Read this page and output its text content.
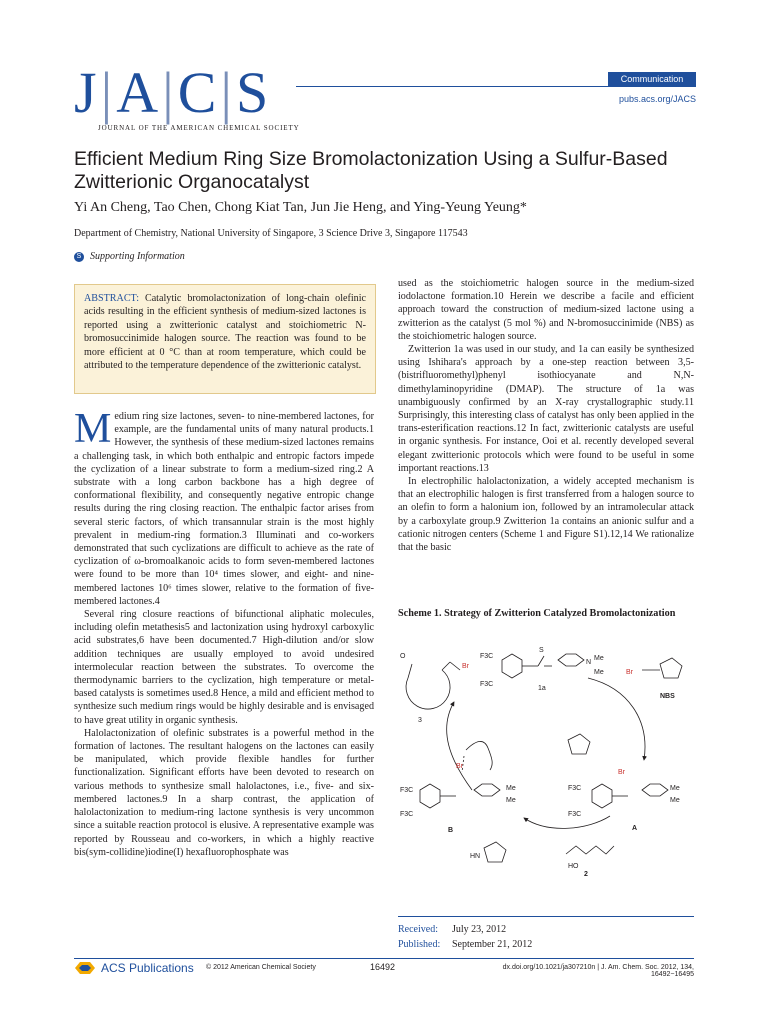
J|A|C|S
JOURNAL OF THE AMERICAN CHEMICAL SOCIETY
Communication
pubs.acs.org/JACS
Efficient Medium Ring Size Bromolactonization Using a Sulfur-Based Zwitterionic Organocatalyst
Yi An Cheng, Tao Chen, Chong Kiat Tan, Jun Jie Heng, and Ying-Yeung Yeung*
Department of Chemistry, National University of Singapore, 3 Science Drive 3, Singapore 117543
S Supporting Information
ABSTRACT: Catalytic bromolactonization of long-chain olefinic acids resulting in the efficient synthesis of medium-sized lactones is reported using a zwitterionic catalyst and stoichiometric N-bromosuccinimide halogen source. The reaction was found to be more efficient at 0 °C than at room temperature, which could be attributed to the temperature dependence of the zwitterionic catalyst.

Medium ring size lactones, seven- to nine-membered lactones, for example, are the fundamental units of many natural products.1 However, the synthesis of these medium-sized lactones remains a challenging task, in which both enthalpic and entropic factors impede the cyclization of a linear substrate to form a medium-sized ring.2 A substrate with a long carbon backbone has a high degree of conformational flexibility, and consequently negative entropic change results during the ring closing reaction. The enthalpic factor arises from several steric factors, of which transannular strain is the most highly prevalent in medium-ring formation.3 Illuminati and co-workers demonstrated that such cyclizations are difficult to achieve as the rate of cyclization of ω-bromoalkanoic acids to form seven-membered lactones were found to be more than 10⁴ times slower, and eight- and nine-membered lactones 10⁶ times slower, relative to the formation of five-membered lactones.4

Several ring closure reactions of bifunctional aliphatic molecules, including olefin metathesis5 and lactonization using hydroxyl carboxylic acid substrates,6 have been documented.7 High-dilution and/or slow addition techniques are usually employed to avoid undesired intermolecular reaction between the substrates. To overcome the thermodynamic barriers to the cyclization, high temperature or metal-based catalysts is sometimes used.8 Hence, a mild and efficient method to synthesize such medium rings would be highly desirable and is envisaged to have great utility in organic synthesis.

Halolactonization of olefinic substrates is a powerful method in the formation of lactones. The resultant halogens on the lactones can easily be manipulated, which provide flexible handles for further functionalization. Significant efforts have been devoted to research on various methods to synthesize small halolactones, i.e., five- and six-membered lactones.9 In a sharp contrast, the application of halolactonization to medium-ring lactone synthesis is very uncommon since a suitable reaction protocol is elusive. A representative example was reported by Rousseau and co-workers, in which a highly reactive bis(sym-collidine)iodine(I) hexafluorophosphate was

used as the stoichiometric halogen source in the medium-sized iodolactone formation.10 Herein we describe a facile and efficient approach toward the construction of medium-sized lactone using a zwitterion as the catalyst (5 mol %) and N-bromosuccinimide (NBS) as the stoichiometric halogen source.

Zwitterion 1a was used in our study, and 1a can easily be synthesized using Ishihara's approach by a one-step reaction between 3,5-(bistrifluoromethyl)phenyl isothiocyanate and N,N-dimethylaminopyridine (DMAP). The structure of 1a was unambiguously confirmed by an X-ray crystallographic study.11 Surprisingly, this interesting class of catalyst has only been applied in the trans-esterification reactions.12 In fact, zwitterionic catalysts are useful in organic synthesis. For instance, Ooi et al. recently developed several elegant zwitterionic protocols which were found to be useful in some important reactions.13

In electrophilic halolactonization, a widely accepted mechanism is that an electrophilic halogen is first transferred from a halogen source to an olefin to form a halonium ion, followed by an intramolecular attack by a carboxylate group.9 Zwitterion 1a contains an anionic sulfur and a cationic nitrogen centers (Scheme 1 and Figure S1).12,14 We rationalize that the basic

Scheme 1. Strategy of Zwitterion Catalyzed Bromolactonization
3
O
Br
F3C
F3C
1a
S
N
Me
Me	Br
NBS
B
F3C
F3C
Br
Me
Me
A
F3C
F3C
Br
Me
Me
HN
2
HO
Received: July 23, 2012
Published: September 21, 2012
ACS Publications © 2012 American Chemical Society	16492	dx.doi.org/10.1021/ja307210n | J. Am. Chem. Soc. 2012, 134, 16492−16495
